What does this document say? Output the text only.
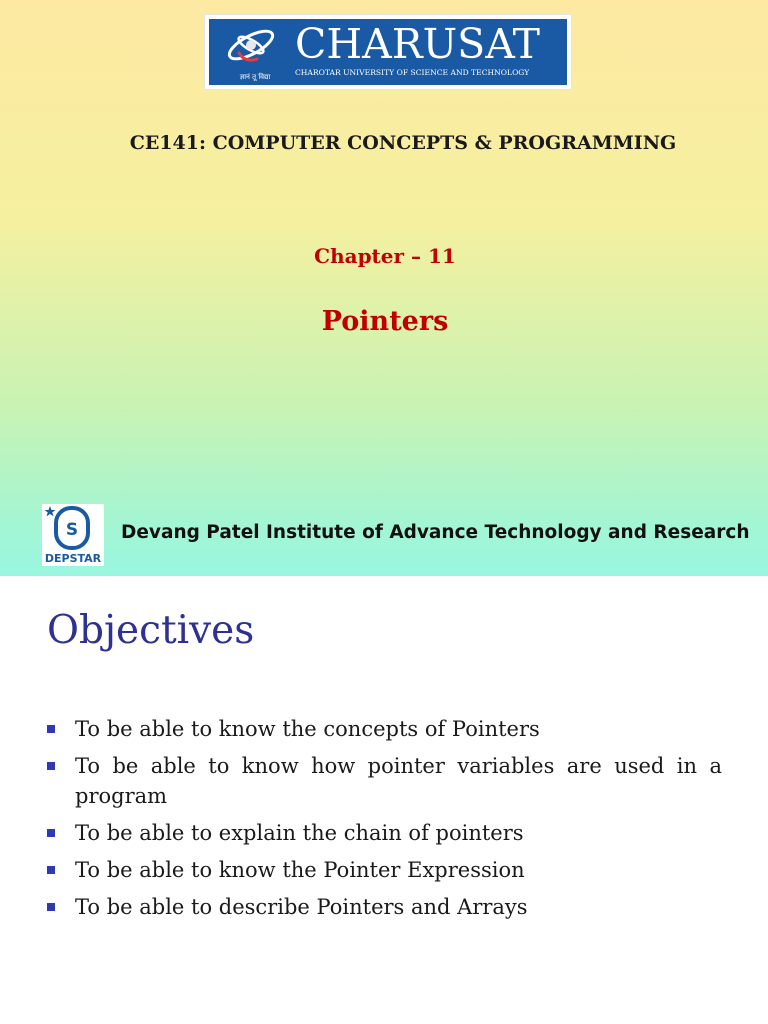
ज्ञानं तू विद्या
CHARUSAT
CHAROTAR UNIVERSITY OF SCIENCE AND TECHNOLOGY
CE141: COMPUTER CONCEPTS & PROGRAMMING
Chapter – 11
Pointers
S
DEPSTAR
Devang Patel Institute of Advance Technology and Research
Objectives
To be able to know the concepts of Pointers
To be able to know how pointer variables are used in a program
To be able to explain the chain of pointers
To be able to know the Pointer Expression
To be able to describe Pointers and Arrays
